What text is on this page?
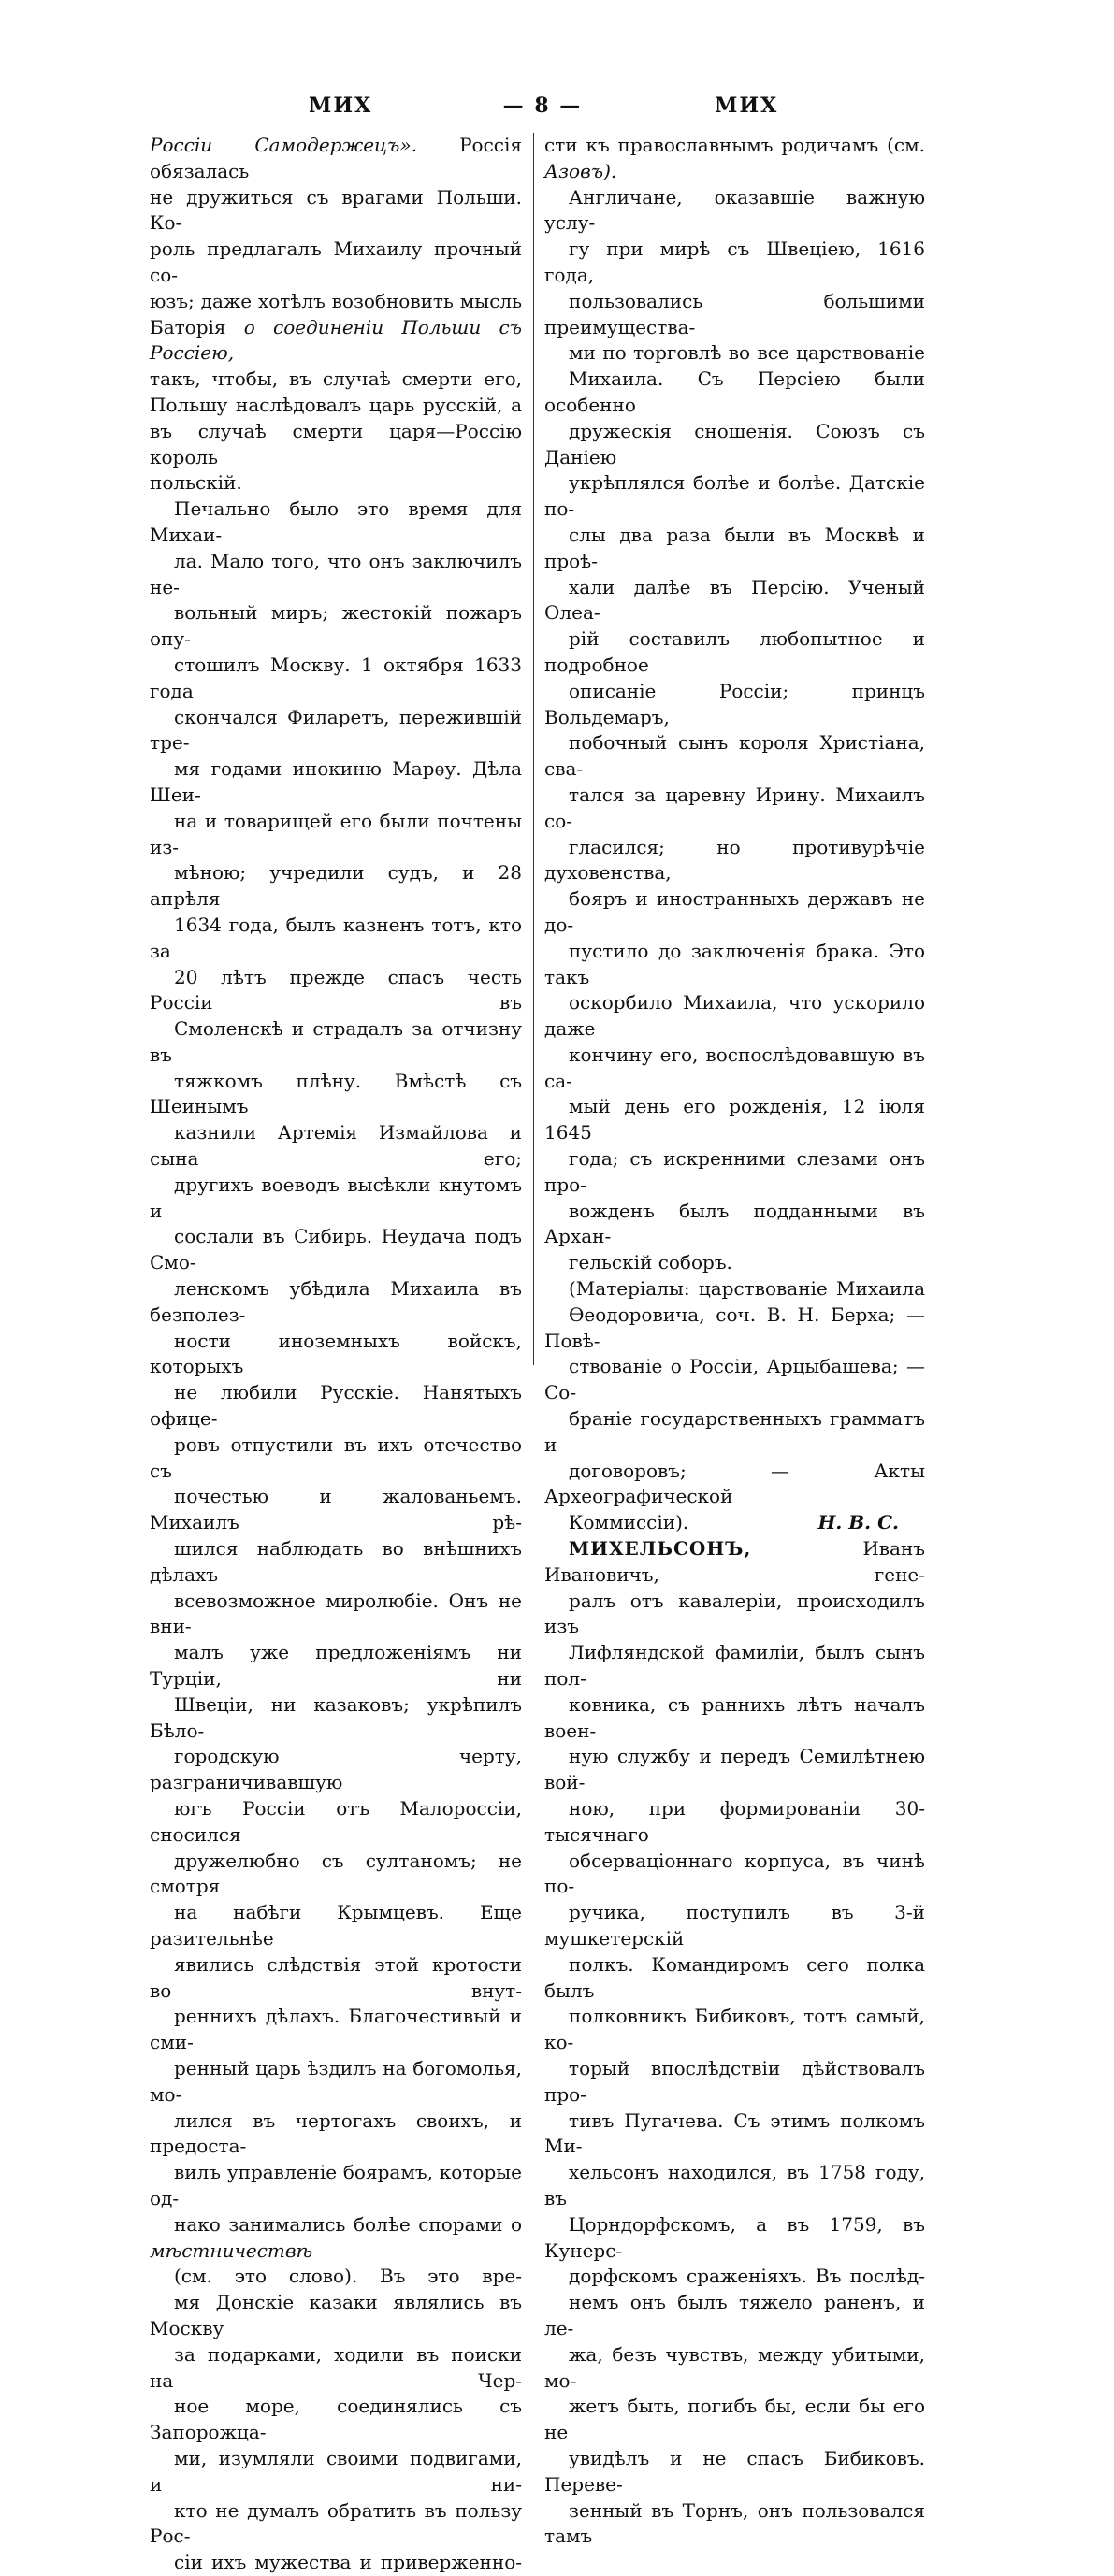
МИХ	— 8 —	МИХ

Россіи Самодержецъ». Россія обязалась
не дружиться съ врагами Польши. Ко-
роль предлагалъ Михаилу прочный со-
юзъ; даже хотѣлъ возобновить мысль
Баторія о соединеніи Польши съ Россіею,
такъ, чтобы, въ случаѣ смерти его,
Польшу наслѣдовалъ царь русскій, а
въ случаѣ смерти царя—Россію король
польскій.

Печально было это время для Михаи-
ла. Мало того, что онъ заключилъ не-
вольный миръ; жестокій пожаръ опу-
стошилъ Москву. 1 октября 1633 года
скончался Филаретъ, пережившій тре-
мя годами инокиню Марѳу. Дѣла Шеи-
на и товарищей его были почтены из-
мѣною; учредили судъ, и 28 апрѣля
1634 года, былъ казненъ тотъ, кто за
20 лѣтъ прежде спасъ честь Россіи въ
Смоленскѣ и страдалъ за отчизну въ
тяжкомъ плѣну. Вмѣстѣ съ Шеинымъ
казнили Артемія Измайлова и сына его;
другихъ воеводъ высѣкли кнутомъ и
сослали въ Сибирь. Неудача подъ Смо-
ленскомъ убѣдила Михаила въ безполез-
ности иноземныхъ войскъ, которыхъ
не любили Русскіе. Нанятыхъ офице-
ровъ отпустили въ ихъ отечество съ
почестью и жалованьемъ. Михаилъ рѣ-
шился наблюдать во внѣшнихъ дѣлахъ
всевозможное миролюбіе. Онъ не вни-
малъ уже предложеніямъ ни Турціи, ни
Швеціи, ни казаковъ; укрѣпилъ Бѣло-
городскую черту, разграничивавшую
югъ Россіи отъ Малороссіи, сносился
дружелюбно съ султаномъ; не смотря
на набѣги Крымцевъ. Еще разительнѣе
явились слѣдствія этой кротости во внут-
реннихъ дѣлахъ. Благочестивый и сми-
ренный царь ѣздилъ на богомолья, мо-
лился въ чертогахъ своихъ, и предоста-
вилъ управленіе боярамъ, которые од-
нако занимались болѣе спорами о мѣстничествѣ
(см. это слово). Въ это вре-
мя Донскіе казаки являлись въ Москву
за подарками, ходили въ поиски на Чер-
ное море, соединялись съ Запорожца-
ми, изумляли своими подвигами, и ни-
кто не думалъ обратить въ пользу Рос-
сіи ихъ мужества и приверженно-

сти къ православнымъ родичамъ (см.
Азовъ).

Англичане, оказавшіе важную услу-
гу при мирѣ съ Швеціею, 1616 года,
пользовались большими преимущества-
ми по торговлѣ во все царствованіе
Михаила. Съ Персіею были особенно
дружескія сношенія. Союзъ съ Даніею
укрѣплялся болѣе и болѣе. Датскіе по-
слы два раза были въ Москвѣ и проѣ-
хали далѣе въ Персію. Ученый Олеа-
рій составилъ любопытное и подробное
описаніе Россіи; принцъ Вольдемаръ,
побочный сынъ короля Христіана, сва-
тался за царевну Ирину. Михаилъ со-
гласился; но противурѣчіе духовенства,
бояръ и иностранныхъ державъ не до-
пустило до заключенія брака. Это такъ
оскорбило Михаила, что ускорило даже
кончину его, воспослѣдовавшую въ са-
мый день его рожденія, 12 іюля 1645
года; съ искренними слезами онъ про-
вожденъ былъ подданными въ Архан-
гельскій соборъ.

(Матеріалы: царствованіе Михаила
Ѳеодоровича, соч. В. Н. Берха; — Повѣ-
ствованіе о Россіи, Арцыбашева; — Со-
браніе государственныхъ грамматъ и
договоровъ; — Акты Археографической
Коммиссіи).	Н. В. С.

МИХЕЛЬСОНЪ,	Иванъ Ивановичъ, гене-
ралъ отъ кавалеріи, происходилъ изъ
Лифляндской фамиліи, былъ сынъ пол-
ковника, съ раннихъ лѣтъ началъ воен-
ную службу и передъ Семилѣтнею вой-
ною, при формированіи 30-тысячнаго
обсерваціоннаго корпуса, въ чинѣ по-
ручика, поступилъ въ 3-й мушкетерскій
полкъ. Командиромъ сего полка былъ
полковникъ Бибиковъ, тотъ самый, ко-
торый впослѣдствіи дѣйствовалъ про-
тивъ Пугачева. Съ этимъ полкомъ Ми-
хельсонъ находился, въ 1758 году, въ
Цорндорфскомъ, а въ 1759, въ Кунерс-
дорфскомъ сраженіяхъ. Въ послѣд-
немъ онъ былъ тяжело раненъ, и ле-
жа, безъ чувствъ, между убитыми, мо-
жетъ быть, погибъ бы, если бы его не
увидѣлъ и не спасъ Бибиковъ. Переве-
зенный въ Торнъ, онъ пользовался тамъ
